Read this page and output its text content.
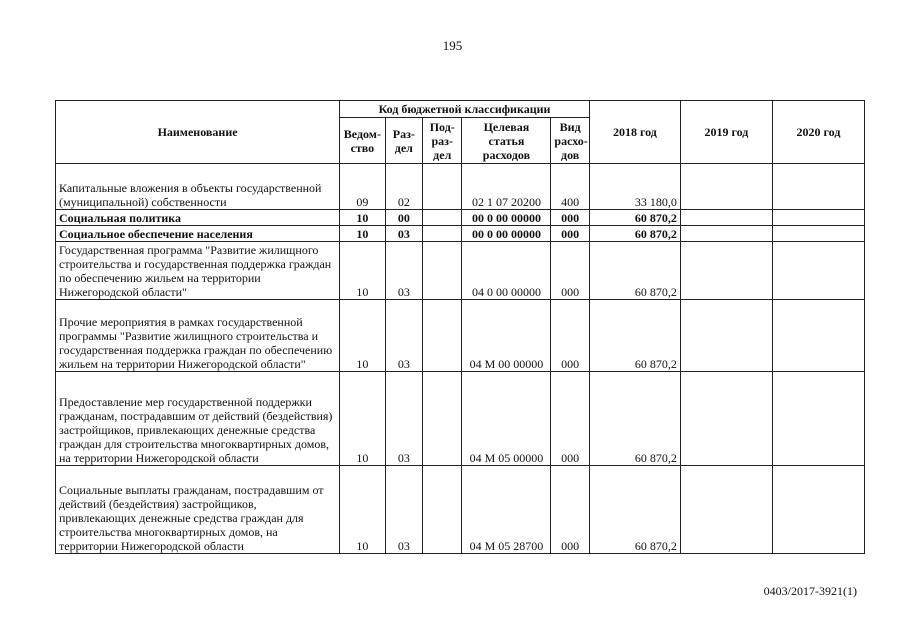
195
Наименование	Код бюджетной классификации					2018 год	2019 год	2020 год
	Ведом-ство	Раз-дел	Под-раз-дел	Целевая статья расходов	Вид расхо-дов			
Капитальные вложения в объекты государственной (муниципальной) собственности	09	02		02 1 07 20200	400	33 180,0		
Социальная политика	10	00		00 0 00 00000	000	60 870,2		
Социальное обеспечение населения	10	03		00 0 00 00000	000	60 870,2		
Государственная программа "Развитие жилищного строительства и государственная поддержка граждан по обеспечению жильем на территории Нижегородской области"	10	03		04 0 00 00000	000	60 870,2		
Прочие мероприятия в рамках государственной программы "Развитие жилищного строительства и государственная поддержка граждан по обеспечению жильем на территории Нижегородской области"	10	03		04 М 00 00000	000	60 870,2		
Предоставление мер государственной поддержки гражданам, пострадавшим от действий (бездействия) застройщиков, привлекающих денежные средства граждан для строительства многоквартирных домов, на территории Нижегородской области	10	03		04 М 05 00000	000	60 870,2		
Социальные выплаты гражданам, пострадавшим от действий (бездействия) застройщиков, привлекающих денежные средства граждан для строительства многоквартирных домов, на территории Нижегородской области	10	03		04 М 05 28700	000	60 870,2		
0403/2017-3921(1)
